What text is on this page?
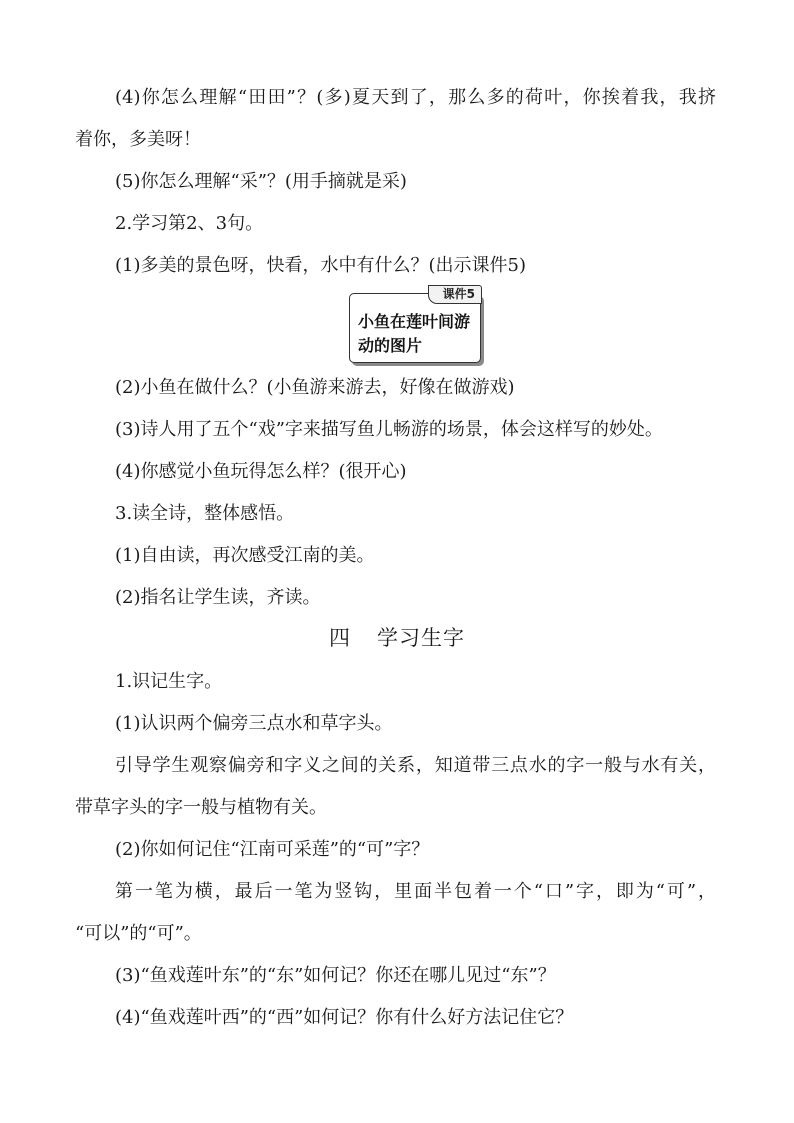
(4)你怎么理解“田田”？(多)夏天到了，那么多的荷叶，你挨着我，我挤
着你，多美呀！
(5)你怎么理解“采”？(用手摘就是采)
2.学习第2、3句。
(1)多美的景色呀，快看，水中有什么？(出示课件5)
课件5
小鱼在莲叶间游动的图片
(2)小鱼在做什么？(小鱼游来游去，好像在做游戏)
(3)诗人用了五个“戏”字来描写鱼儿畅游的场景，体会这样写的妙处。
(4)你感觉小鱼玩得怎么样？(很开心)
3.读全诗，整体感悟。
(1)自由读，再次感受江南的美。
(2)指名让学生读，齐读。
四 学习生字
1.识记生字。
(1)认识两个偏旁三点水和草字头。
引导学生观察偏旁和字义之间的关系，知道带三点水的字一般与水有关，
带草字头的字一般与植物有关。
(2)你如何记住“江南可采莲”的“可”字？
第一笔为横，最后一笔为竖钩，里面半包着一个“口”字，即为“可”，
“可以”的“可”。
(3)“鱼戏莲叶东”的“东”如何记？你还在哪儿见过“东”？
(4)“鱼戏莲叶西”的“西”如何记？你有什么好方法记住它？
